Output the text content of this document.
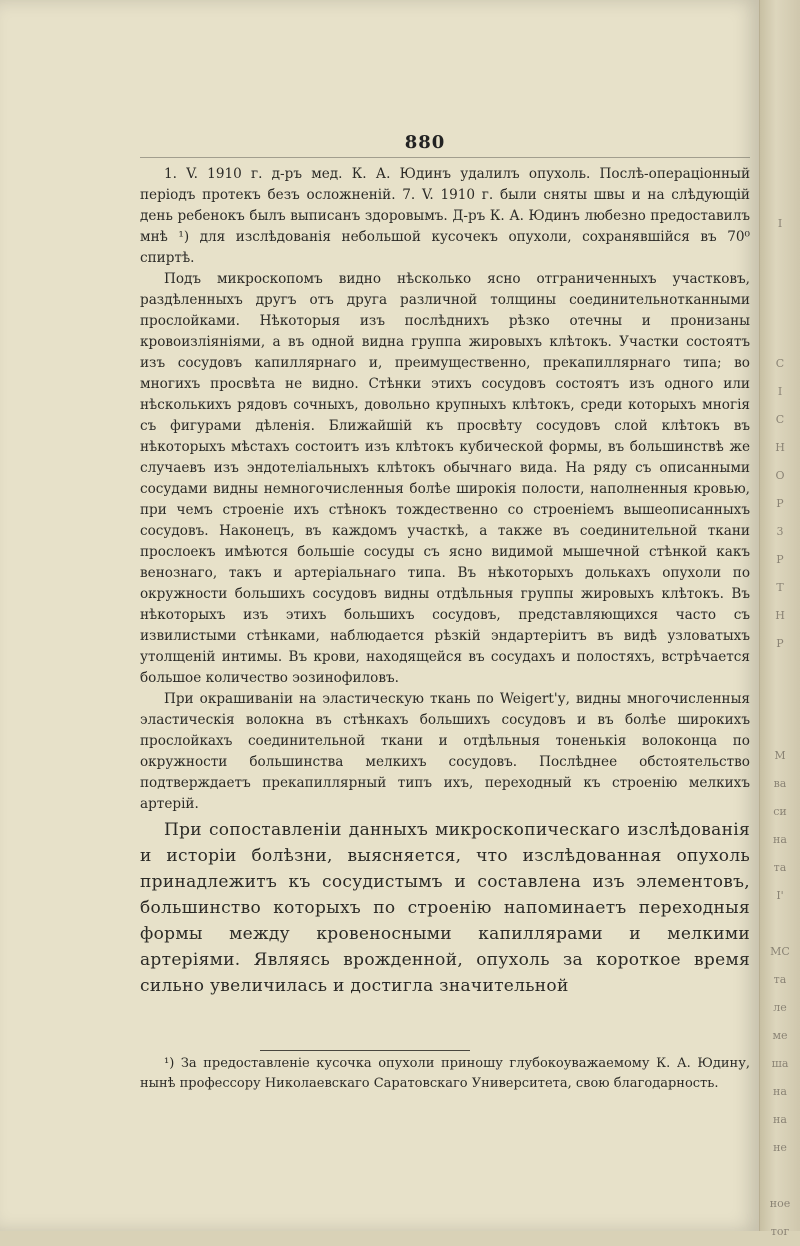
880

1. V. 1910 г. д-ръ мед. К. А. Юдинъ удалилъ опухоль. Послѣ-операціонный періодъ протекъ безъ осложненій. 7. V. 1910 г. были сняты швы и на слѣдующій день ребенокъ былъ выписанъ здоровымъ. Д-ръ К. А. Юдинъ любезно предоставилъ мнѣ ¹) для изслѣдованія небольшой кусочекъ опухоли, сохранявшійся въ 70⁰ спиртѣ.

Подъ микроскопомъ видно нѣсколько ясно отграниченныхъ участковъ, раздѣленныхъ другъ отъ друга различной толщины соединительнотканными прослойками. Нѣкоторыя изъ послѣднихъ рѣзко отечны и пронизаны кровоизліяніями, а въ одной видна группа жировыхъ клѣтокъ. Участки состоятъ изъ сосудовъ капиллярнаго и, преимущественно, прекапиллярнаго типа; во многихъ просвѣта не видно. Стѣнки этихъ сосудовъ состоятъ изъ одного или нѣсколькихъ рядовъ сочныхъ, довольно крупныхъ клѣтокъ, среди которыхъ многія съ фигурами дѣленія. Ближайшій къ просвѣту сосудовъ слой клѣтокъ въ нѣкоторыхъ мѣстахъ состоитъ изъ клѣтокъ кубической формы, въ большинствѣ же случаевъ изъ эндотеліальныхъ клѣтокъ обычнаго вида. На ряду съ описанными сосудами видны немногочисленныя болѣе широкія полости, наполненныя кровью, при чемъ строеніе ихъ стѣнокъ тождественно со строеніемъ вышеописанныхъ сосудовъ. Наконецъ, въ каждомъ участкѣ, а также въ соединительной ткани прослоекъ имѣются большіе сосуды съ ясно видимой мышечной стѣнкой какъ венознаго, такъ и артеріальнаго типа. Въ нѣкоторыхъ долькахъ опухоли по окружности большихъ сосудовъ видны отдѣльныя группы жировыхъ клѣтокъ. Въ нѣкоторыхъ изъ этихъ большихъ сосудовъ, представляющихся часто съ извилистыми стѣнками, наблюдается рѣзкій эндартеріитъ въ видѣ узловатыхъ утолщеній интимы. Въ крови, находящейся въ сосудахъ и полостяхъ, встрѣчается большое количество эозинофиловъ.

При окрашиваніи на эластическую ткань по Weigert'у, видны многочисленныя эластическія волокна въ стѣнкахъ большихъ сосудовъ и въ болѣе широкихъ прослойкахъ соединительной ткани и отдѣльныя тоненькія волоконца по окружности большинства мелкихъ сосудовъ. Послѣднее обстоятельство подтверждаетъ прекапиллярный типъ ихъ, переходный къ строенію мелкихъ артерій.

При сопоставленіи данныхъ микроскопическаго изслѣдованія и исторіи болѣзни, выясняется, что изслѣдованная опухоль принадлежитъ къ сосудистымъ и составлена изъ элементовъ, большинство которыхъ по строенію напоминаетъ переходныя формы между кровеносными капиллярами и мелкими артеріями. Являясь врожденной, опухоль за короткое время сильно увеличилась и достигла значительной

¹) За предоставленіе кусочка опухоли приношу глубокоуважаемому К. А. Юдину, нынѣ профессору Николаевскаго Саратовскаго Университета, свою благодарность.
I
C
I
C
H
O
P
3
P
T
H
P
M
ва
си
на
та
I'
МС
та
ле
ме
ша
на
на
не
ное
тог
